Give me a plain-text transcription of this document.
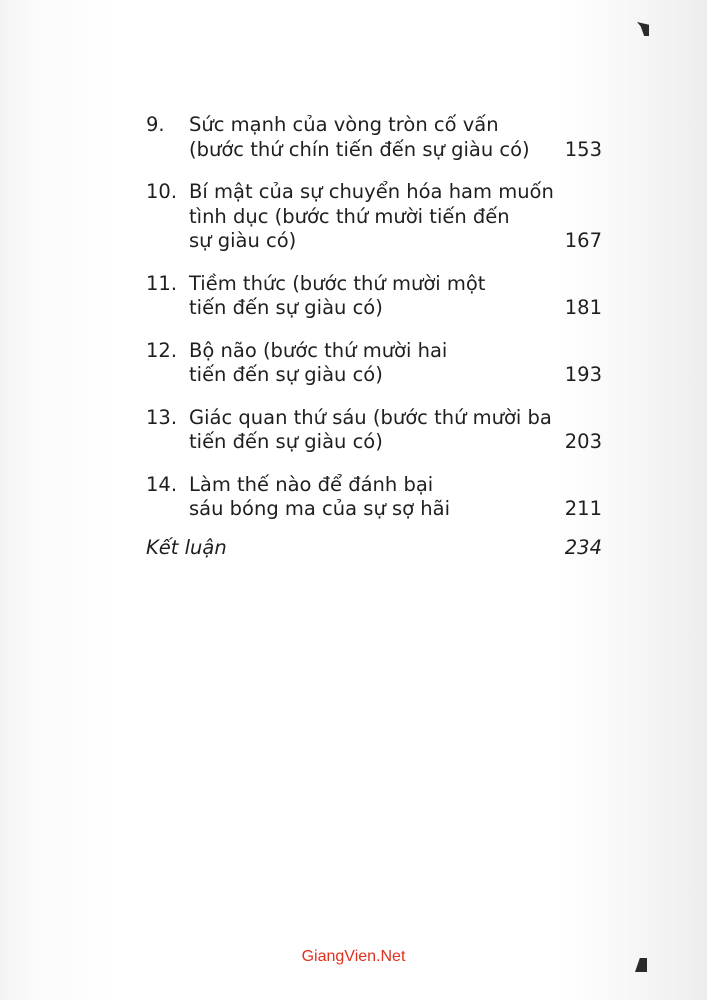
9.	Sức mạnh của vòng tròn cố vấn
(bước thứ chín tiến đến sự giàu có)	153
10. Bí mật của sự chuyển hóa ham muốn
tình dục (bước thứ mười tiến đến
sự giàu có)	167
11. Tiềm thức (bước thứ mười một
tiến đến sự giàu có)	181
12. Bộ não (bước thứ mười hai
tiến đến sự giàu có)	193
13. Giác quan thứ sáu (bước thứ mười ba
tiến đến sự giàu có)	203
14. Làm thế nào để đánh bại
sáu bóng ma của sự sợ hãi	211
Kết luận	234
GiangVien.Net
